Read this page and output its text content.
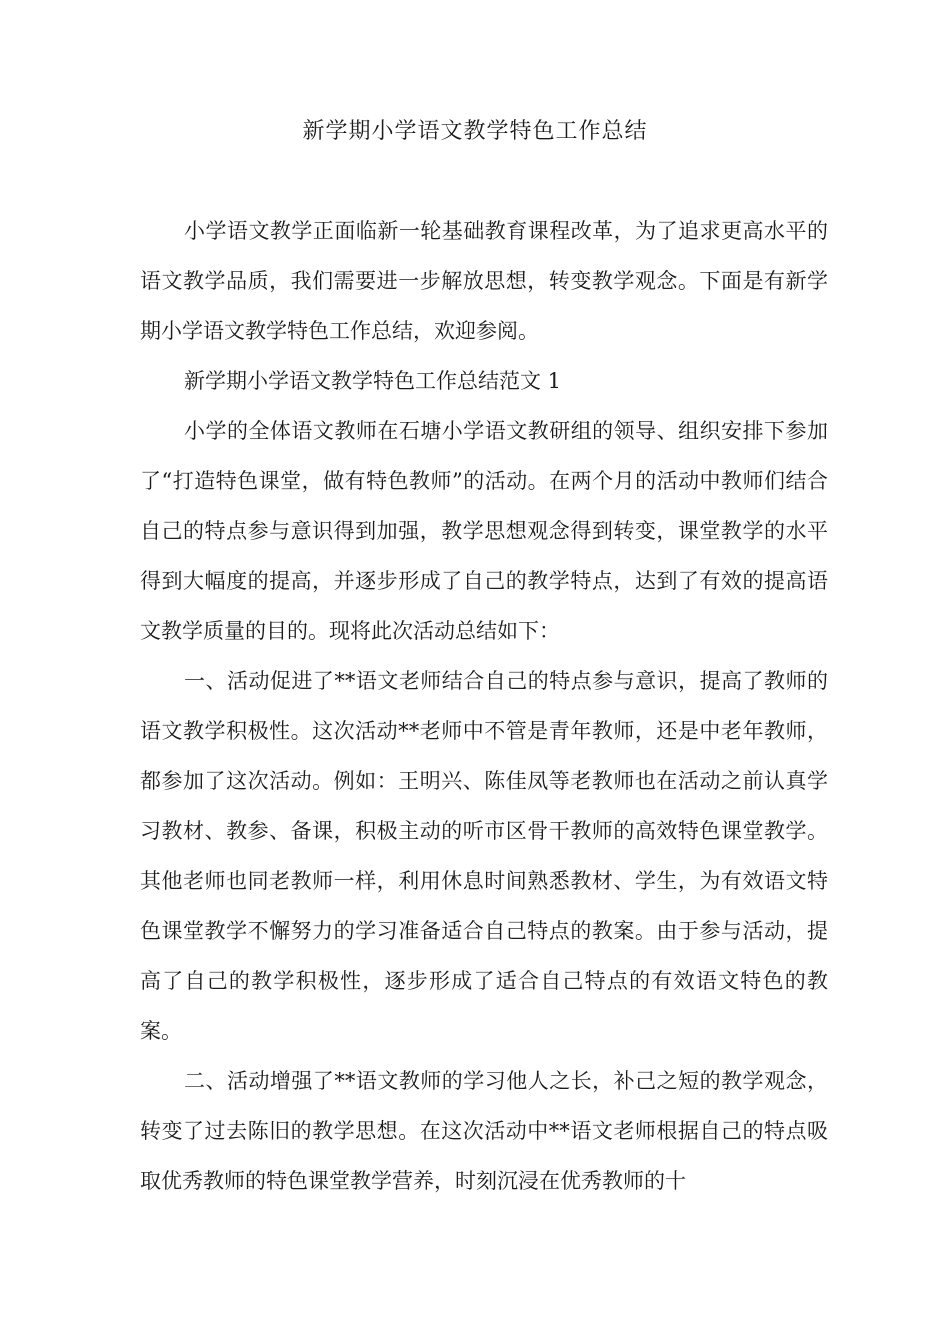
新学期小学语文教学特色工作总结

小学语文教学正面临新一轮基础教育课程改革，为了追求更高水平的语文教学品质，我们需要进一步解放思想，转变教学观念。下面是有新学期小学语文教学特色工作总结，欢迎参阅。

新学期小学语文教学特色工作总结范文 1

小学的全体语文教师在石塘小学语文教研组的领导、组织安排下参加了“打造特色课堂，做有特色教师”的活动。在两个月的活动中教师们结合自己的特点参与意识得到加强，教学思想观念得到转变，课堂教学的水平得到大幅度的提高，并逐步形成了自己的教学特点，达到了有效的提高语文教学质量的目的。现将此次活动总结如下：

一、活动促进了**语文老师结合自己的特点参与意识，提高了教师的语文教学积极性。这次活动**老师中不管是青年教师，还是中老年教师，都参加了这次活动。例如：王明兴、陈佳凤等老教师也在活动之前认真学习教材、教参、备课，积极主动的听市区骨干教师的高效特色课堂教学。其他老师也同老教师一样，利用休息时间熟悉教材、学生，为有效语文特色课堂教学不懈努力的学习准备适合自己特点的教案。由于参与活动，提高了自己的教学积极性，逐步形成了适合自己特点的有效语文特色的教案。

二、活动增强了**语文教师的学习他人之长，补己之短的教学观念，转变了过去陈旧的教学思想。在这次活动中**语文老师根据自己的特点吸取优秀教师的特色课堂教学营养，时刻沉浸在优秀教师的十
